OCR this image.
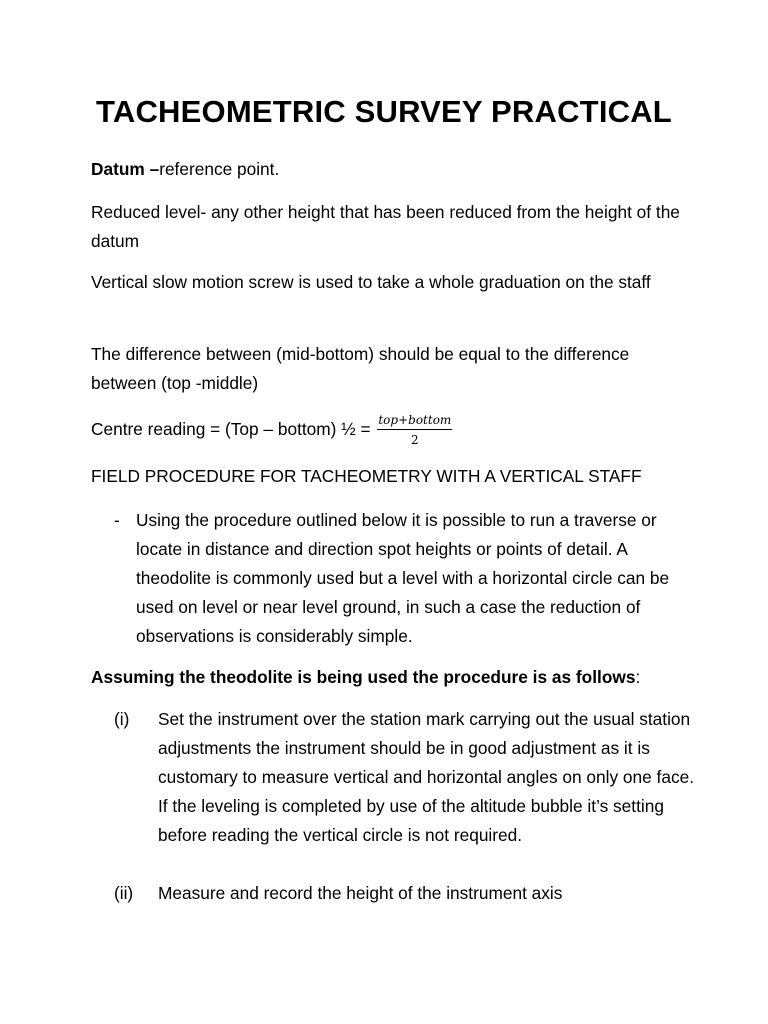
TACHEOMETRIC SURVEY PRACTICAL
Datum –reference point.
Reduced level- any other height that has been reduced from the height of the datum
Vertical slow motion screw is used to take a whole graduation on the staff
The difference between (mid-bottom) should be equal to the difference between (top -middle)
Centre reading = (Top – bottom) ½ = $\frac{\text{top+bottom}}{2}$
FIELD PROCEDURE FOR TACHEOMETRY WITH A VERTICAL STAFF
- Using the procedure outlined below it is possible to run a traverse or locate in distance and direction spot heights or points of detail. A theodolite is commonly used but a level with a horizontal circle can be used on level or near level ground, in such a case the reduction of observations is considerably simple.
Assuming the theodolite is being used the procedure is as follows:
(i) Set the instrument over the station mark carrying out the usual station adjustments the instrument should be in good adjustment as it is customary to measure vertical and horizontal angles on only one face.
If the leveling is completed by use of the altitude bubble it’s setting before reading the vertical circle is not required.
(ii) Measure and record the height of the instrument axis
